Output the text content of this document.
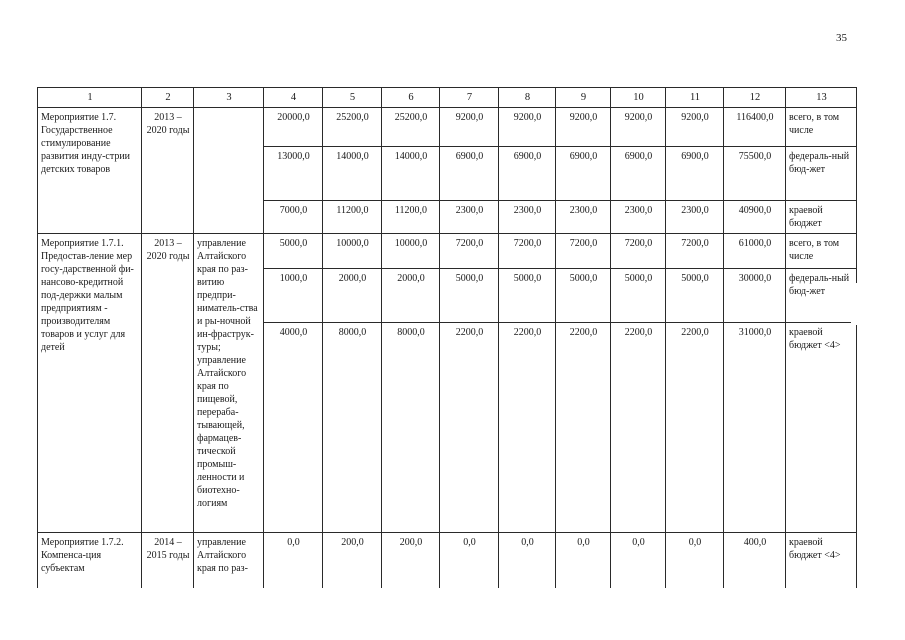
35
1	2	3	4	5	6	7	8	9	10	11	12	13
Мероприятие 1.7. Государственное стимулирование развития инду-стрии детских товаров	2013 – 2020 годы		20000,0	25200,0	25200,0	9200,0	9200,0	9200,0	9200,0	9200,0	116400,0	всего, в том числе
			13000,0	14000,0	14000,0	6900,0	6900,0	6900,0	6900,0	6900,0	75500,0	федераль-ный бюд-жет
			7000,0	11200,0	11200,0	2300,0	2300,0	2300,0	2300,0	2300,0	40900,0	краевой бюджет
Мероприятие 1.7.1. Предостав-ление мер госу-дарственной фи-нансово-кредитной под-держки малым предприятиям - производителям товаров и услуг для детей	2013 – 2020 годы	управление Алтайского края по раз-витию предпри-ниматель-ства и ры-ночной ин-фраструк-туры; управление Алтайского края по пищевой, перераба-тывающей, фармацев-тической промыш-ленности и биотехно-логиям	5000,0	10000,0	10000,0	7200,0	7200,0	7200,0	7200,0	7200,0	61000,0	всего, в том числе
			1000,0	2000,0	2000,0	5000,0	5000,0	5000,0	5000,0	5000,0	30000,0	федераль-ный бюд-жет
			4000,0	8000,0	8000,0	2200,0	2200,0	2200,0	2200,0	2200,0	31000,0	краевой бюджет <4>
Мероприятие 1.7.2. Компенса-ция субъектам	2014 – 2015 годы	управление Алтайского края по раз-	0,0	200,0	200,0	0,0	0,0	0,0	0,0	0,0	400,0	краевой бюджет <4>
